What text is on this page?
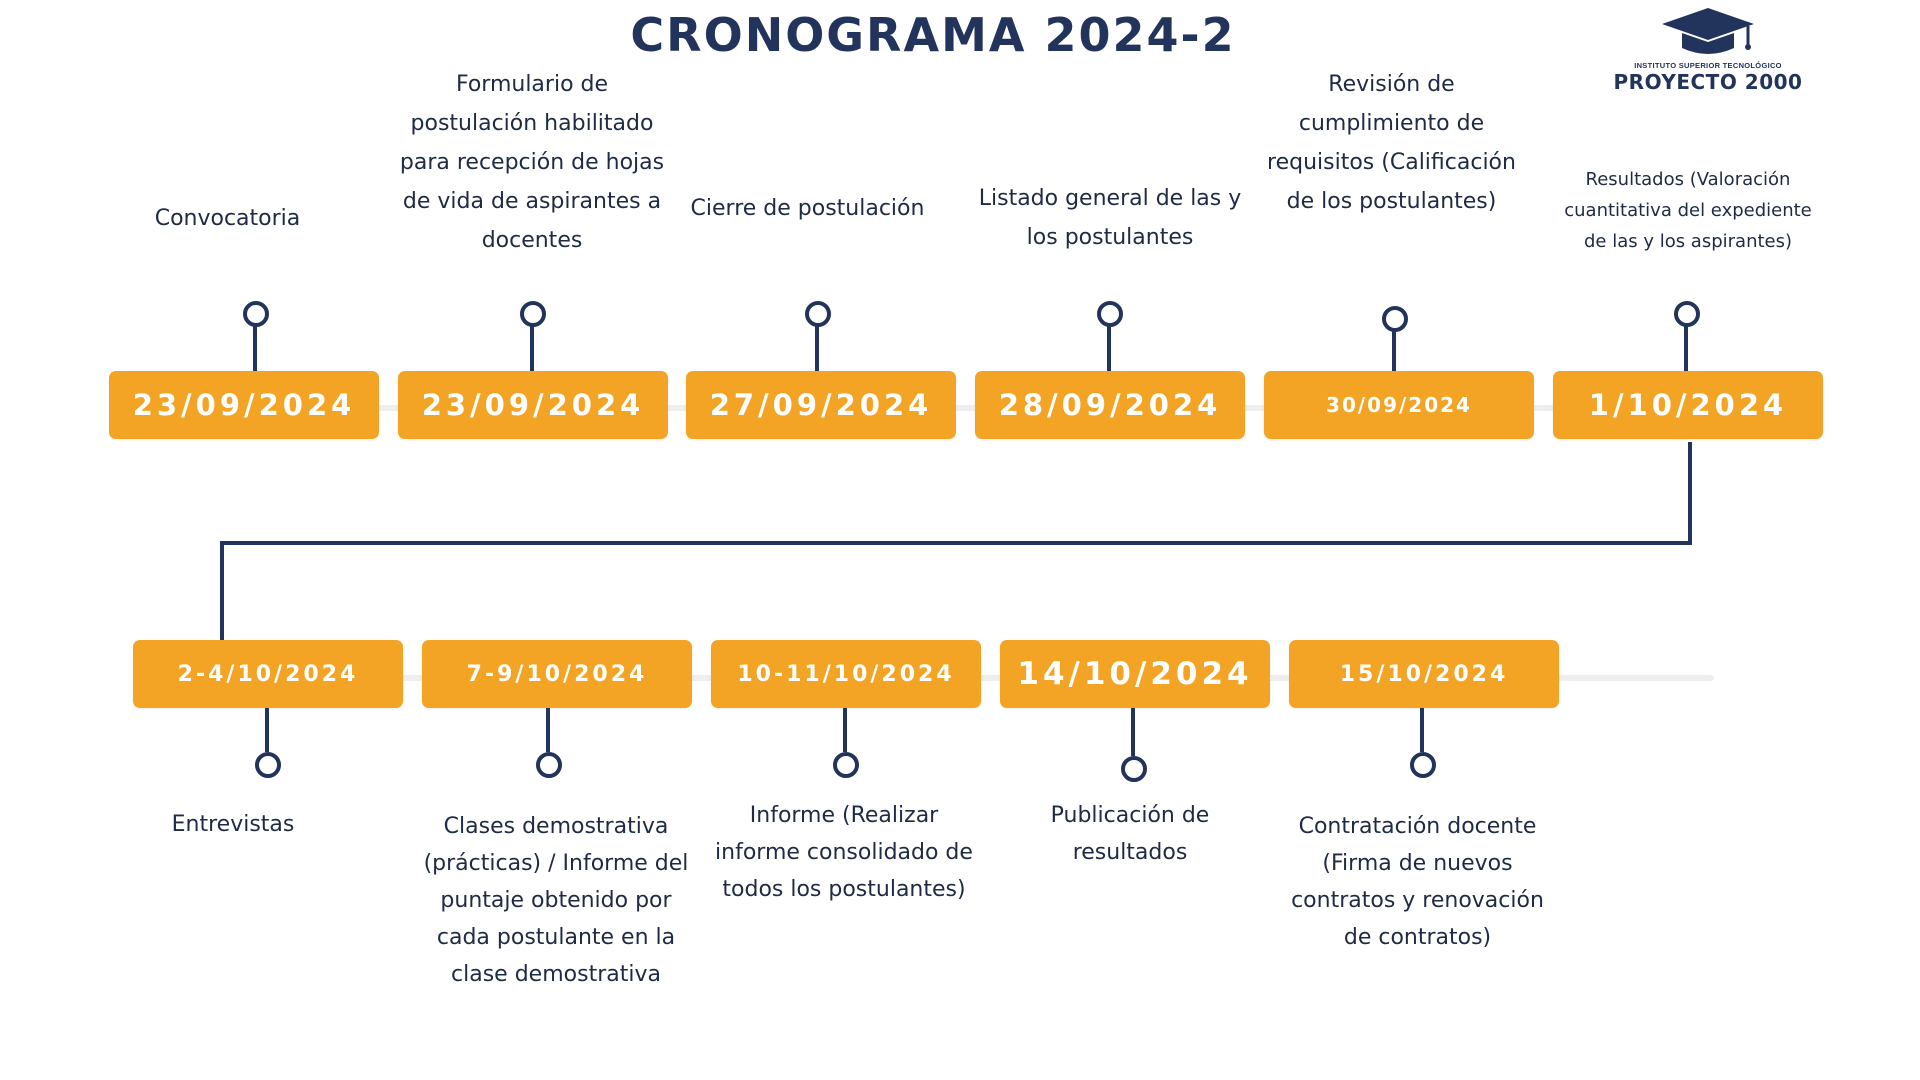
CRONOGRAMA 2024-2
INSTITUTO SUPERIOR TECNOLÓGICO
PROYECTO 2000
23/09/2024
Convocatoria
23/09/2024
Formulario de postulación habilitado para recepción de hojas de vida de aspirantes a docentes
27/09/2024
Cierre de postulación
28/09/2024
Listado general de las y los postulantes
30/09/2024
Revisión de cumplimiento de requisitos (Calificación de los postulantes)
1/10/2024
Resultados (Valoración cuantitativa del expediente de las y los aspirantes)
2-4/10/2024
Entrevistas
7-9/10/2024
Clases demostrativa (prácticas) / Informe del puntaje obtenido por cada postulante en la clase demostrativa
10-11/10/2024
Informe (Realizar informe consolidado de todos los postulantes)
14/10/2024
Publicación de resultados
15/10/2024
Contratación docente (Firma de nuevos contratos y renovación de contratos)
